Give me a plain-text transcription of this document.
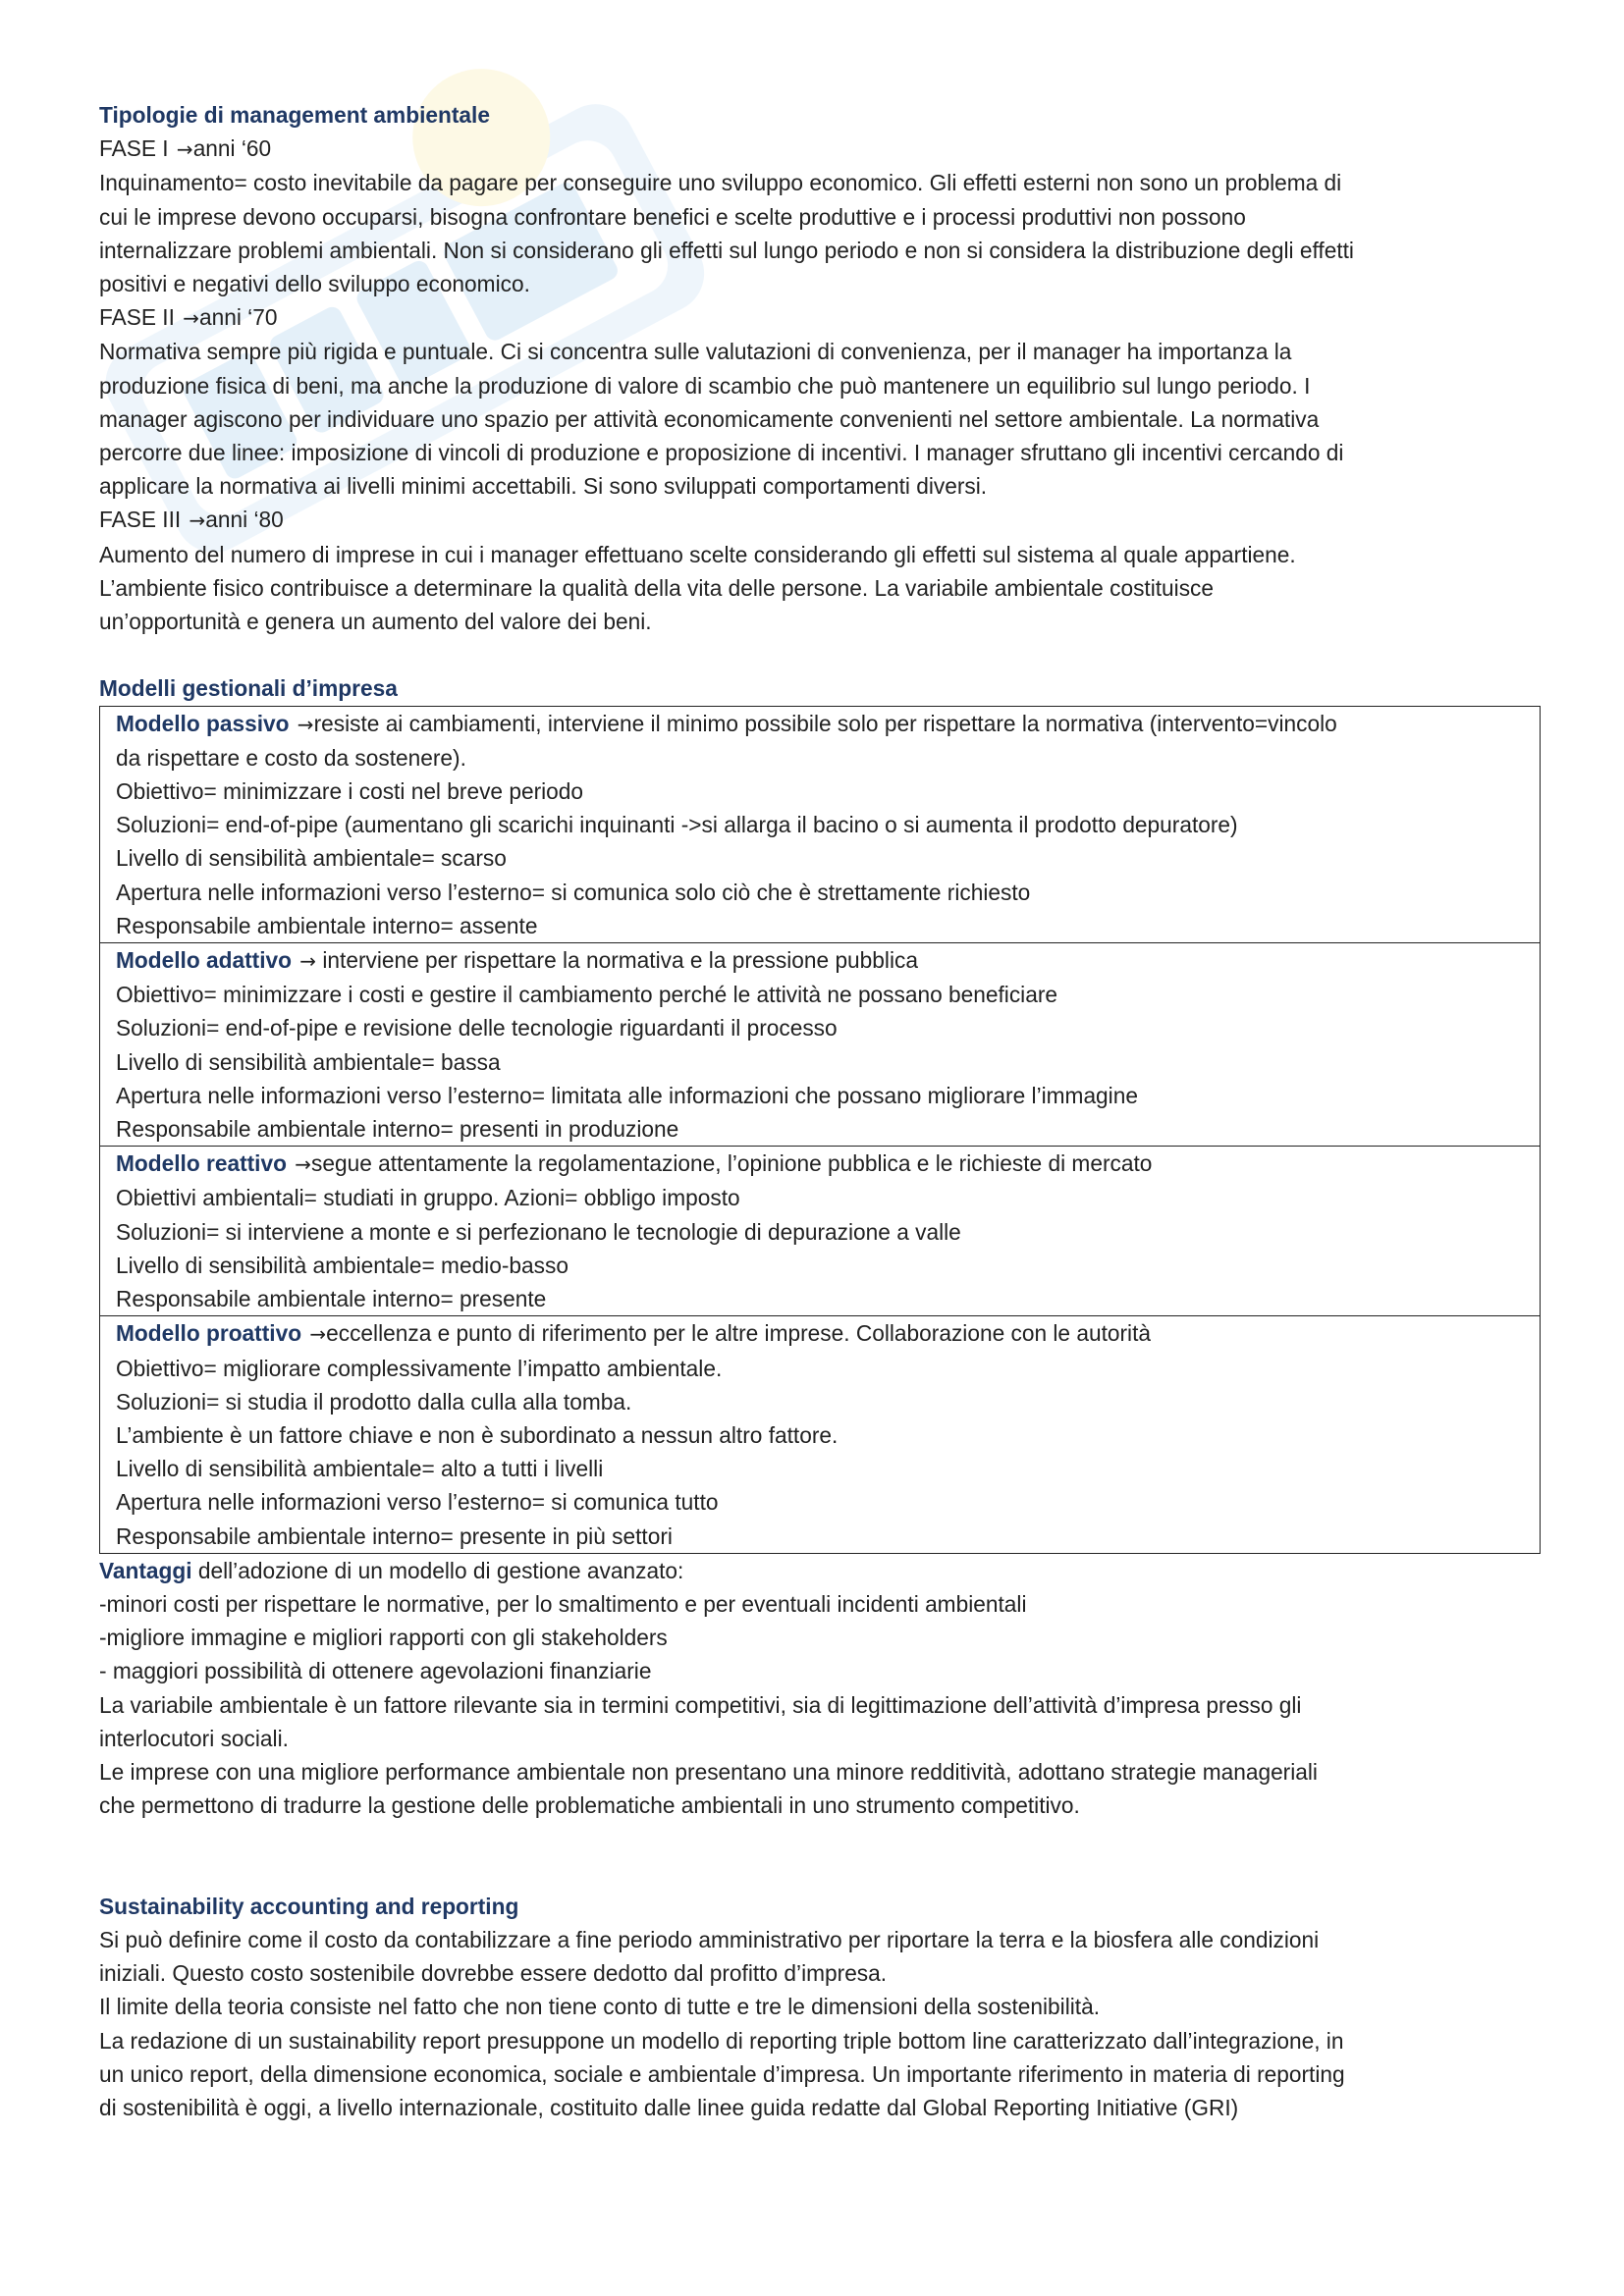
Tipologie di management ambientale
FASE I →anni ‘60
Inquinamento= costo inevitabile da pagare per conseguire uno sviluppo economico. Gli effetti esterni non sono un problema di
cui le imprese devono occuparsi, bisogna confrontare benefici e scelte produttive e i processi produttivi non possono
internalizzare problemi ambientali. Non si considerano gli effetti sul lungo periodo e non si considera la distribuzione degli effetti
positivi e negativi dello sviluppo economico.
FASE II →anni ‘70
Normativa sempre più rigida e puntuale. Ci si concentra sulle valutazioni di convenienza, per il manager ha importanza la
produzione fisica di beni, ma anche la produzione di valore di scambio che può mantenere un equilibrio sul lungo periodo. I
manager agiscono per individuare uno spazio per attività economicamente convenienti nel settore ambientale. La normativa
percorre due linee: imposizione di vincoli di produzione e proposizione di incentivi. I manager sfruttano gli incentivi cercando di
applicare la normativa ai livelli minimi accettabili. Si sono sviluppati comportamenti diversi.
FASE III →anni ‘80
Aumento del numero di imprese in cui i manager effettuano scelte considerando gli effetti sul sistema al quale appartiene.
L’ambiente fisico contribuisce a determinare la qualità della vita delle persone. La variabile ambientale costituisce
un’opportunità e genera un aumento del valore dei beni.
Modelli gestionali d’impresa
Modello passivo →resiste ai cambiamenti, interviene il minimo possibile solo per rispettare la normativa (intervento=vincolo
da rispettare e costo da sostenere).
Obiettivo= minimizzare i costi nel breve periodo
Soluzioni= end-of-pipe (aumentano gli scarichi inquinanti ->si allarga il bacino o si aumenta il prodotto depuratore)
Livello di sensibilità ambientale= scarso
Apertura nelle informazioni verso l’esterno= si comunica solo ciò che è strettamente richiesto
Responsabile ambientale interno= assente
Modello adattivo → interviene per rispettare la normativa e la pressione pubblica
Obiettivo= minimizzare i costi e gestire il cambiamento perché le attività ne possano beneficiare
Soluzioni= end-of-pipe e revisione delle tecnologie riguardanti il processo
Livello di sensibilità ambientale= bassa
Apertura nelle informazioni verso l’esterno= limitata alle informazioni che possano migliorare l’immagine
Responsabile ambientale interno= presenti in produzione
Modello reattivo →segue attentamente la regolamentazione, l’opinione pubblica e le richieste di mercato
Obiettivi ambientali= studiati in gruppo. Azioni= obbligo imposto
Soluzioni= si interviene a monte e si perfezionano le tecnologie di depurazione a valle
Livello di sensibilità ambientale= medio-basso
Responsabile ambientale interno= presente
Modello proattivo →eccellenza e punto di riferimento per le altre imprese. Collaborazione con le autorità
Obiettivo= migliorare complessivamente l’impatto ambientale.
Soluzioni= si studia il prodotto dalla culla alla tomba.
L’ambiente è un fattore chiave e non è subordinato a nessun altro fattore.
Livello di sensibilità ambientale= alto a tutti i livelli
Apertura nelle informazioni verso l’esterno= si comunica tutto
Responsabile ambientale interno= presente in più settori
Vantaggi dell’adozione di un modello di gestione avanzato:
-minori costi per rispettare le normative, per lo smaltimento e per eventuali incidenti ambientali
-migliore immagine e migliori rapporti con gli stakeholders
- maggiori possibilità di ottenere agevolazioni finanziarie
La variabile ambientale è un fattore rilevante sia in termini competitivi, sia di legittimazione dell’attività d’impresa presso gli
interlocutori sociali.
Le imprese con una migliore performance ambientale non presentano una minore redditività, adottano strategie manageriali
che permettono di tradurre la gestione delle problematiche ambientali in uno strumento competitivo.
Sustainability accounting and reporting
Si può definire come il costo da contabilizzare a fine periodo amministrativo per riportare la terra e la biosfera alle condizioni
iniziali. Questo costo sostenibile dovrebbe essere dedotto dal profitto d’impresa.
Il limite della teoria consiste nel fatto che non tiene conto di tutte e tre le dimensioni della sostenibilità.
La redazione di un sustainability report presuppone un modello di reporting triple bottom line caratterizzato dall’integrazione, in
un unico report, della dimensione economica, sociale e ambientale d’impresa. Un importante riferimento in materia di reporting
di sostenibilità è oggi, a livello internazionale, costituito dalle linee guida redatte dal Global Reporting Initiative (GRI)
